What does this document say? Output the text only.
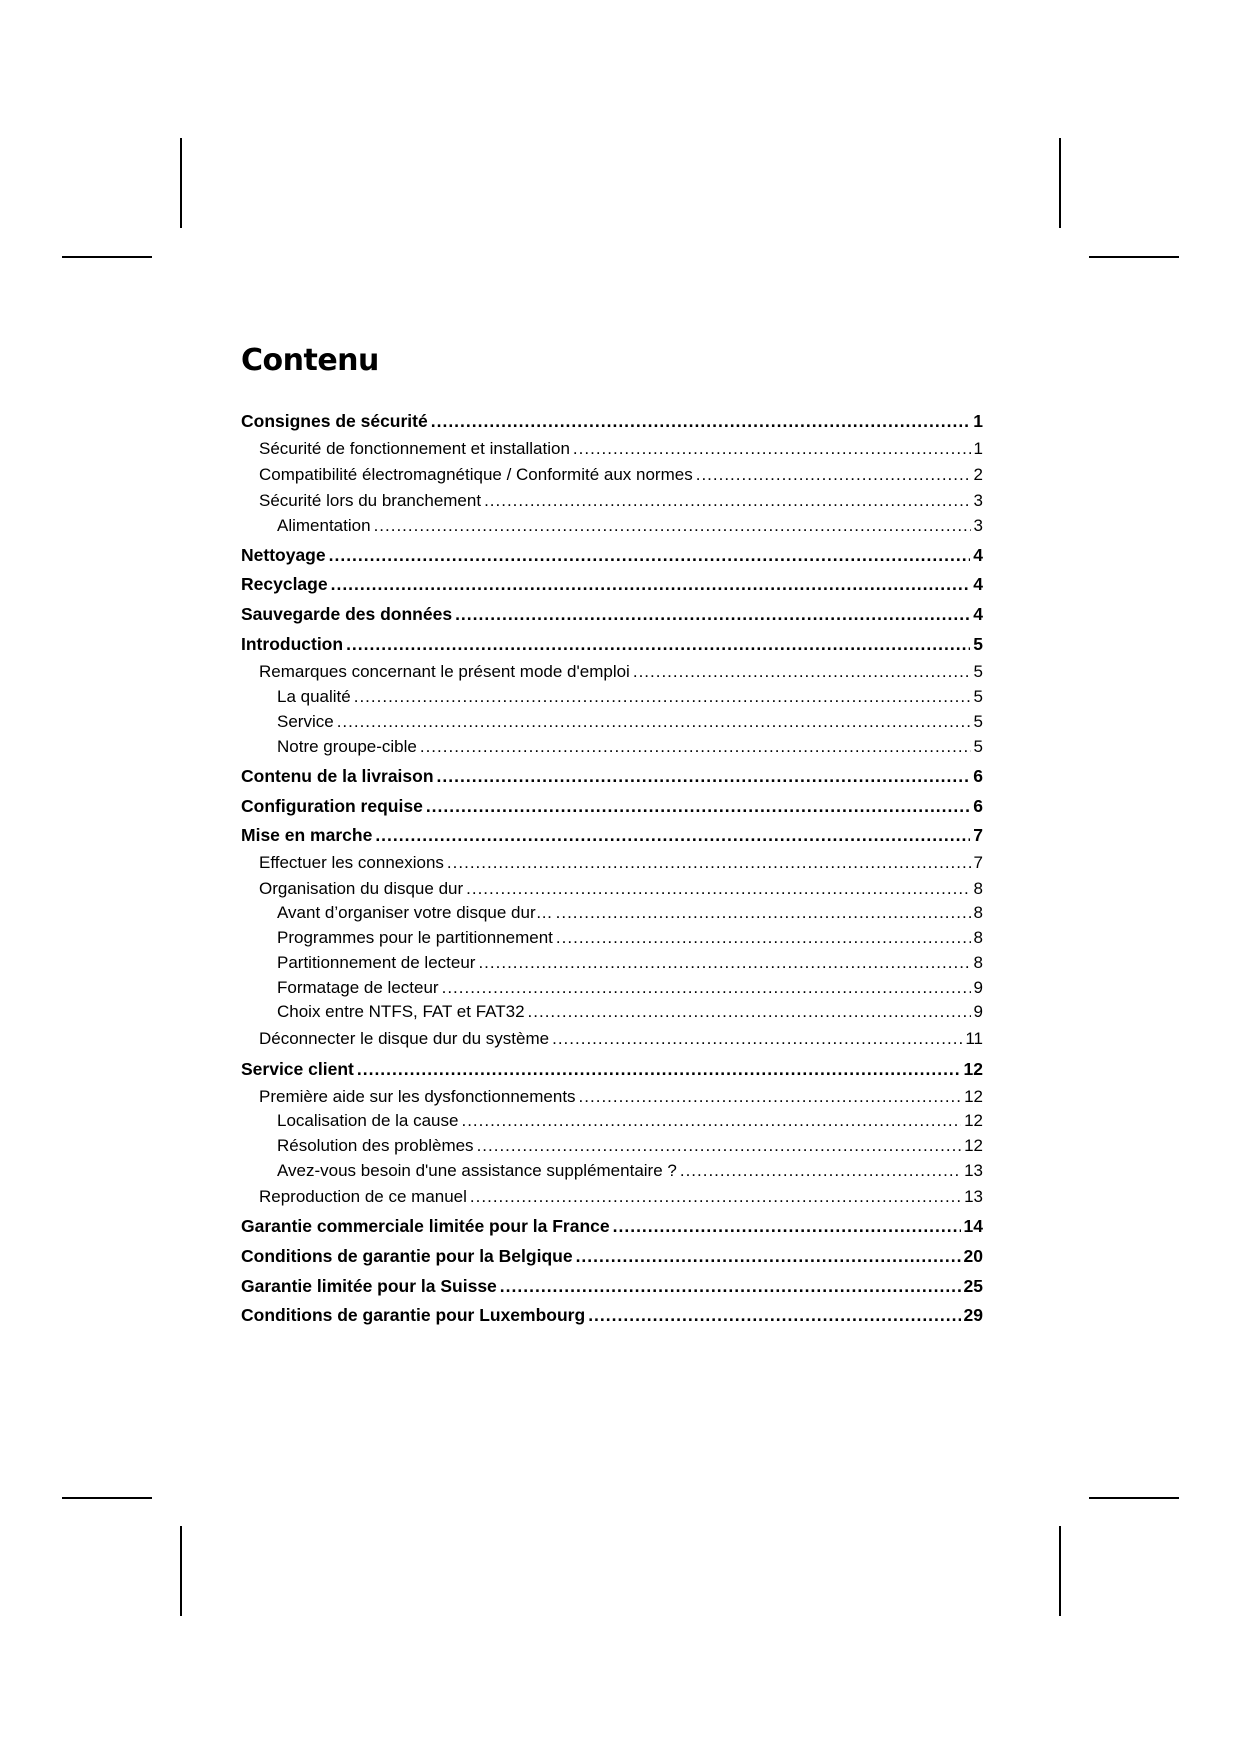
Contenu
Consignes de sécurité .....	1
Sécurité de fonctionnement et installation .....	1
Compatibilité électromagnétique / Conformité aux normes .....	2
Sécurité lors du branchement .....	3
Alimentation .....	3
Nettoyage .....	4
Recyclage .....	4
Sauvegarde des données .....	4
Introduction .....	5
Remarques concernant le présent mode d'emploi .....	5
La qualité .....	5
Service .....	5
Notre groupe-cible .....	5
Contenu de la livraison .....	6
Configuration requise .....	6
Mise en marche .....	7
Effectuer les connexions .....	7
Organisation du disque dur .....	8
Avant d’organiser votre disque dur… .....	8
Programmes pour le partitionnement .....	8
Partitionnement de lecteur .....	8
Formatage de lecteur .....	9
Choix entre NTFS, FAT et FAT32 .....	9
Déconnecter le disque dur du système .....	11
Service client .....	12
Première aide sur les dysfonctionnements .....	12
Localisation de la cause .....	12
Résolution des problèmes .....	12
Avez-vous besoin d'une assistance supplémentaire ? .....	13
Reproduction de ce manuel .....	13
Garantie commerciale limitée pour la France .....	14
Conditions de garantie pour la Belgique .....	20
Garantie limitée pour la Suisse .....	25
Conditions de garantie pour Luxembourg .....	29
